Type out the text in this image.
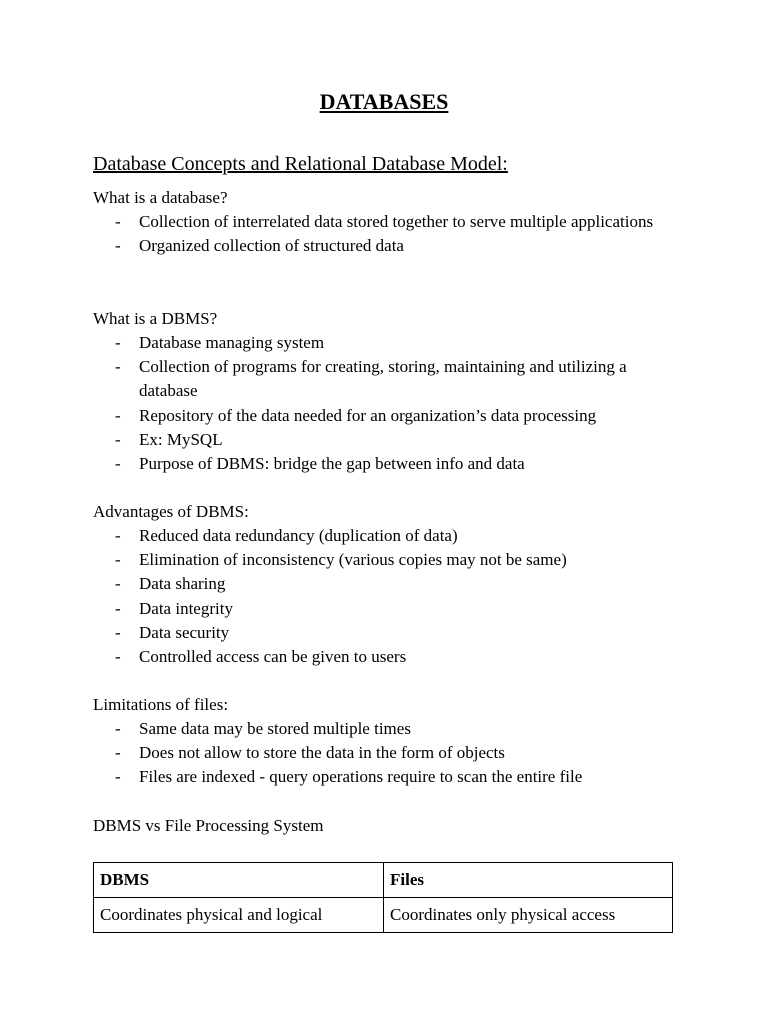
DATABASES
Database Concepts and Relational Database Model:
What is a database?
- Collection of interrelated data stored together to serve multiple applications
- Organized collection of structured data
What is a DBMS?
- Database managing system
- Collection of programs for creating, storing, maintaining and utilizing a database
- Repository of the data needed for an organization’s data processing
- Ex: MySQL
- Purpose of DBMS: bridge the gap between info and data
Advantages of DBMS:
- Reduced data redundancy (duplication of data)
- Elimination of inconsistency (various copies may not be same)
- Data sharing
- Data integrity
- Data security
- Controlled access can be given to users
Limitations of files:
- Same data may be stored multiple times
- Does not allow to store the data in the form of objects
- Files are indexed - query operations require to scan the entire file
DBMS vs File Processing System
DBMS	Files
Coordinates physical and logical	Coordinates only physical access
